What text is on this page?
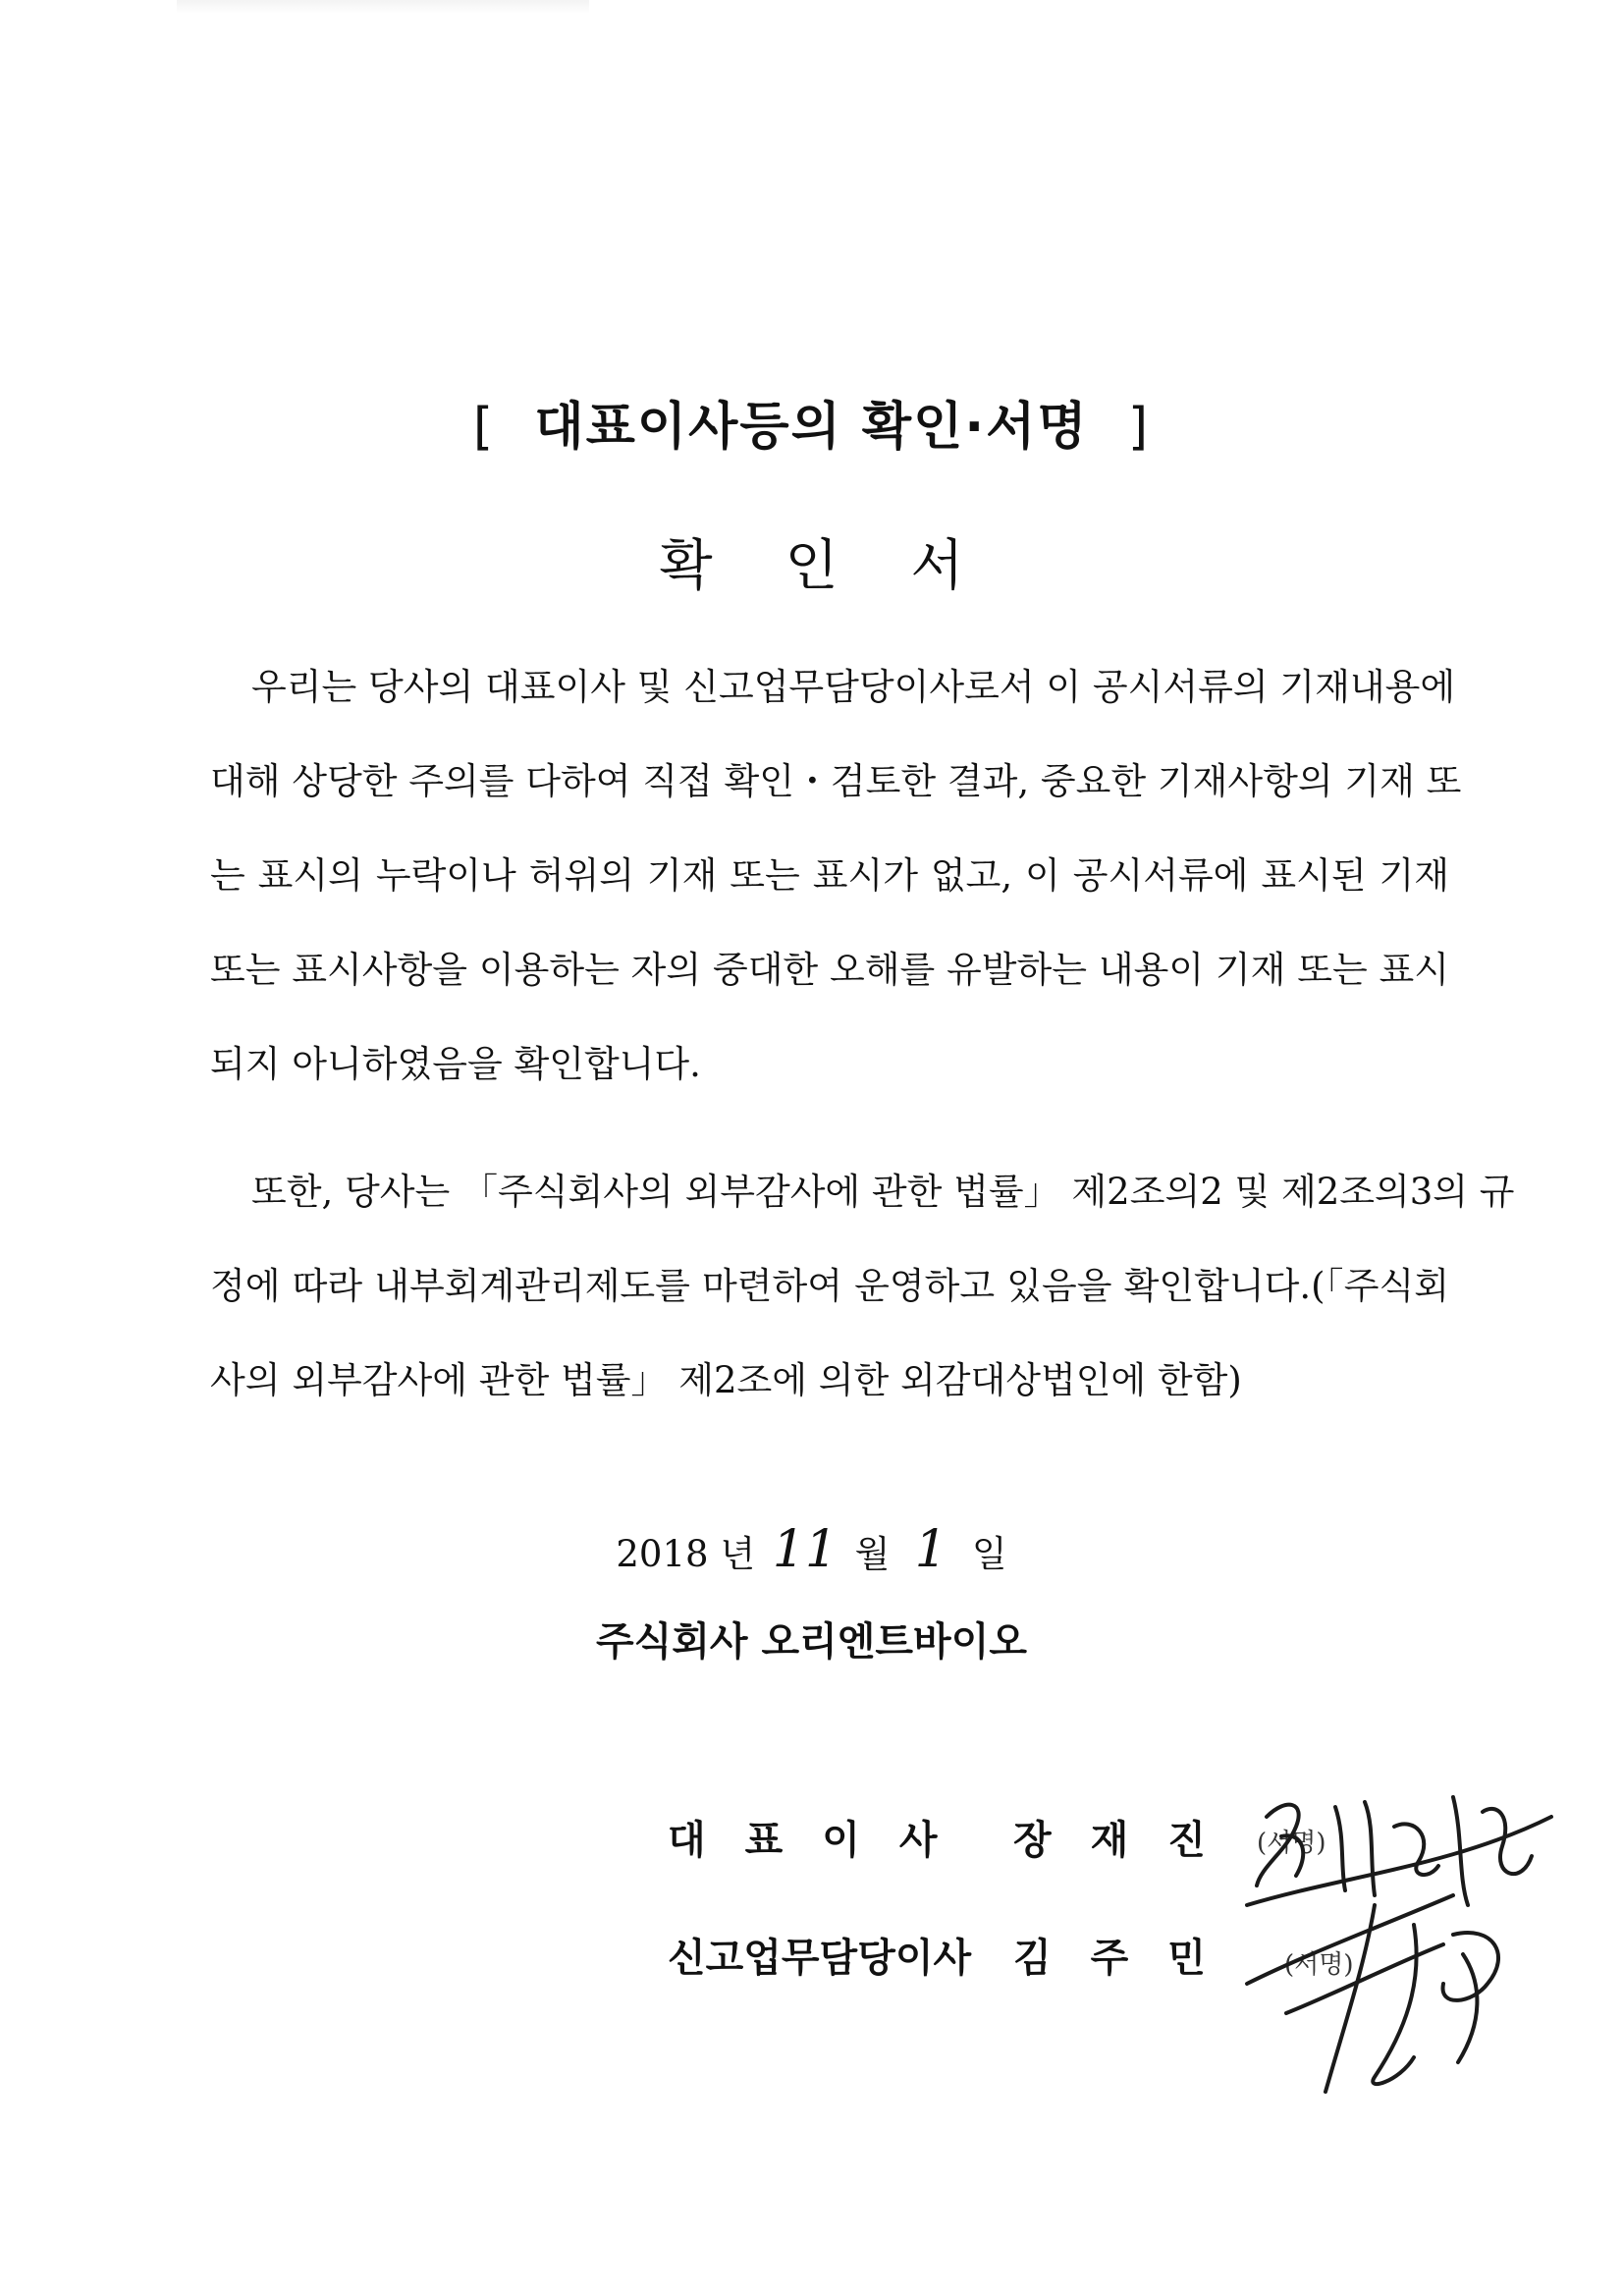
[ 대표이사등의 확인·서명 ]
확 인 서
우리는 당사의 대표이사 및 신고업무담당이사로서 이 공시서류의 기재내용에
대해 상당한 주의를 다하여 직접 확인・검토한 결과, 중요한 기재사항의 기재 또
는 표시의 누락이나 허위의 기재 또는 표시가 없고, 이 공시서류에 표시된 기재
또는 표시사항을 이용하는 자의 중대한 오해를 유발하는 내용이 기재 또는 표시
되지 아니하였음을 확인합니다.
또한, 당사는 「주식회사의 외부감사에 관한 법률」 제2조의2 및 제2조의3의 규
정에 따라 내부회계관리제도를 마련하여 운영하고 있음을 확인합니다.(「주식회
사의 외부감사에 관한 법률」 제2조에 의한 외감대상법인에 한함)
2018 년 11 월 1 일
주식회사 오리엔트바이오
대표이사 장재진 (서명)
신고업무담당이사 김주민 (서명)
